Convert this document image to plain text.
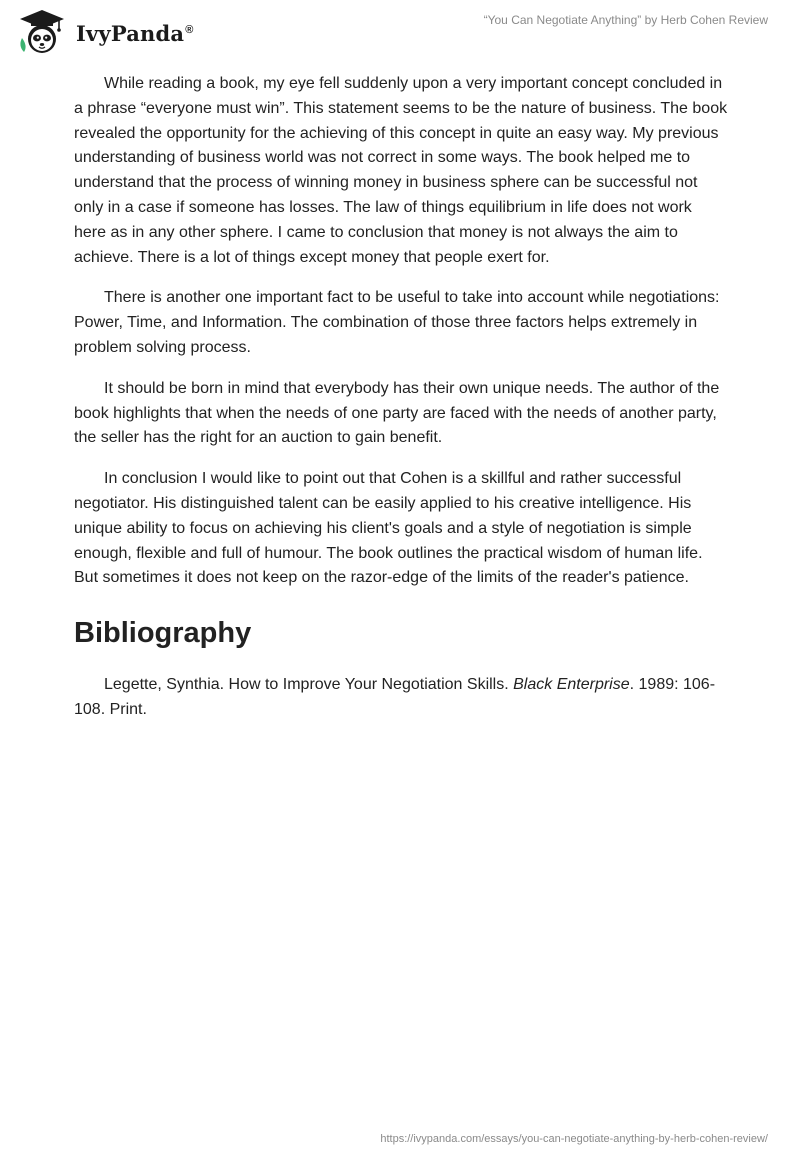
IvyPanda®
“You Can Negotiate Anything” by Herb Cohen Review

While reading a book, my eye fell suddenly upon a very important concept concluded in a phrase “everyone must win”. This statement seems to be the nature of business. The book revealed the opportunity for the achieving of this concept in quite an easy way. My previous understanding of business world was not correct in some ways. The book helped me to understand that the process of winning money in business sphere can be successful not only in a case if someone has losses. The law of things equilibrium in life does not work here as in any other sphere. I came to conclusion that money is not always the aim to achieve. There is a lot of things except money that people exert for.

There is another one important fact to be useful to take into account while negotiations: Power, Time, and Information. The combination of those three factors helps extremely in problem solving process.

It should be born in mind that everybody has their own unique needs. The author of the book highlights that when the needs of one party are faced with the needs of another party, the seller has the right for an auction to gain benefit.

In conclusion I would like to point out that Cohen is a skillful and rather successful negotiator. His distinguished talent can be easily applied to his creative intelligence. His unique ability to focus on achieving his client's goals and a style of negotiation is simple enough, flexible and full of humour. The book outlines the practical wisdom of human life. But sometimes it does not keep on the razor-edge of the limits of the reader's patience.

Bibliography

Legette, Synthia. How to Improve Your Negotiation Skills. Black Enterprise. 1989: 106-108. Print.

https://ivypanda.com/essays/you-can-negotiate-anything-by-herb-cohen-review/
